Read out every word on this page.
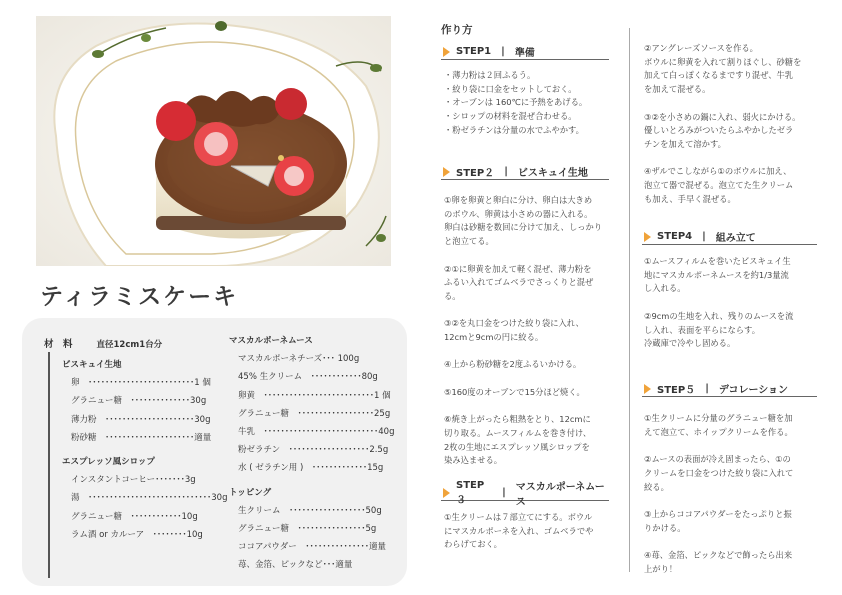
ティラミスケーキ
材　料	直径12cm1台分
ビスキュイ生地
卵　･････････････････････････1 個
グラニュー糖　･･････････････30g
薄力粉　･････････････････････30g
粉砂糖　･････････････････････適量
エスプレッソ風シロップ
インスタントコーヒー･･･････3g
湯　･････････････････････････････30g
グラニュー糖　････････････10g
ラム酒 or カルーア　････････10g
マスカルポーネムース
マスカルポーネチーズ･･･ 100g
45% 生クリーム　････････････80g
卵黄　･･････････････････････････1 個
グラニュー糖　･･････････････････25g
牛乳　･･･････････････････････････40g
粉ゼラチン　･･･････････････････2.5g
水 ( ゼラチン用 )　･････････････15g
トッピング
生クリーム　･･････････････････50g
グラニュー糖　････････････････5g
ココアパウダー　･･･････････････適量
苺、金箔、ピックなど･･･適量
作り方
STEP1 | 準備
・薄力粉は２回ふるう。
・絞り袋に口金をセットしておく。
・オーブンは 160℃に予熱をあげる。
・シロップの材料を混ぜ合わせる。
・粉ゼラチンは分量の水でふやかす。
STEP２ | ビスキュイ生地
①卵を卵黄と卵白に分け、卵白は大きめ
のボウル、卵黄は小さめの器に入れる。
卵白は砂糖を数回に分けて加え、しっかり
と泡立てる。

②①に卵黄を加えて軽く混ぜ、薄力粉を
ふるい入れてゴムベラでさっくりと混ぜ
る。

③②を丸口金をつけた絞り袋に入れ、
12cmと9cmの円に絞る。

④上から粉砂糖を2度ふるいかける。

⑤160度のオーブンで15分ほど焼く。

⑥焼き上がったら粗熱をとり、12cmに
切り取る。ムースフィルムを巻き付け、
2枚の生地にエスプレッソ風シロップを
染み込ませる。
STEP３
| マスカルポーネムース
①生クリームは７部立てにする。ボウル
にマスカルポーネを入れ、ゴムベラでや
わらげておく。
②アングレーズソースを作る。
ボウルに卵黄を入れて割りほぐし、砂糖を
加えて白っぽくなるまですり混ぜ、牛乳
を加えて混ぜる。

③②を小さめの鍋に入れ、弱火にかける。
優しいとろみがついたらふやかしたゼラ
チンを加えて溶かす。

④ザルでこしながら①のボウルに加え、
泡立て器で混ぜる。泡立てた生クリーム
も加え、手早く混ぜる。
STEP4 | 組み立て
①ムースフィルムを巻いたビスキュイ生
地にマスカルポーネムースを約1/3量流
し入れる。

②9cmの生地を入れ、残りのムースを流
し入れ、表面を平らにならす。
冷蔵庫で冷やし固める。
STEP５ | デコレーション
①生クリームに分量のグラニュー糖を加
えて泡立て、ホイップクリームを作る。

②ムースの表面が冷え固まったら、①の
クリームを口金をつけた絞り袋に入れて
絞る。

③上からココアパウダーをたっぷりと振
りかける。

④苺、金箔、ピックなどで飾ったら出来
上がり！
